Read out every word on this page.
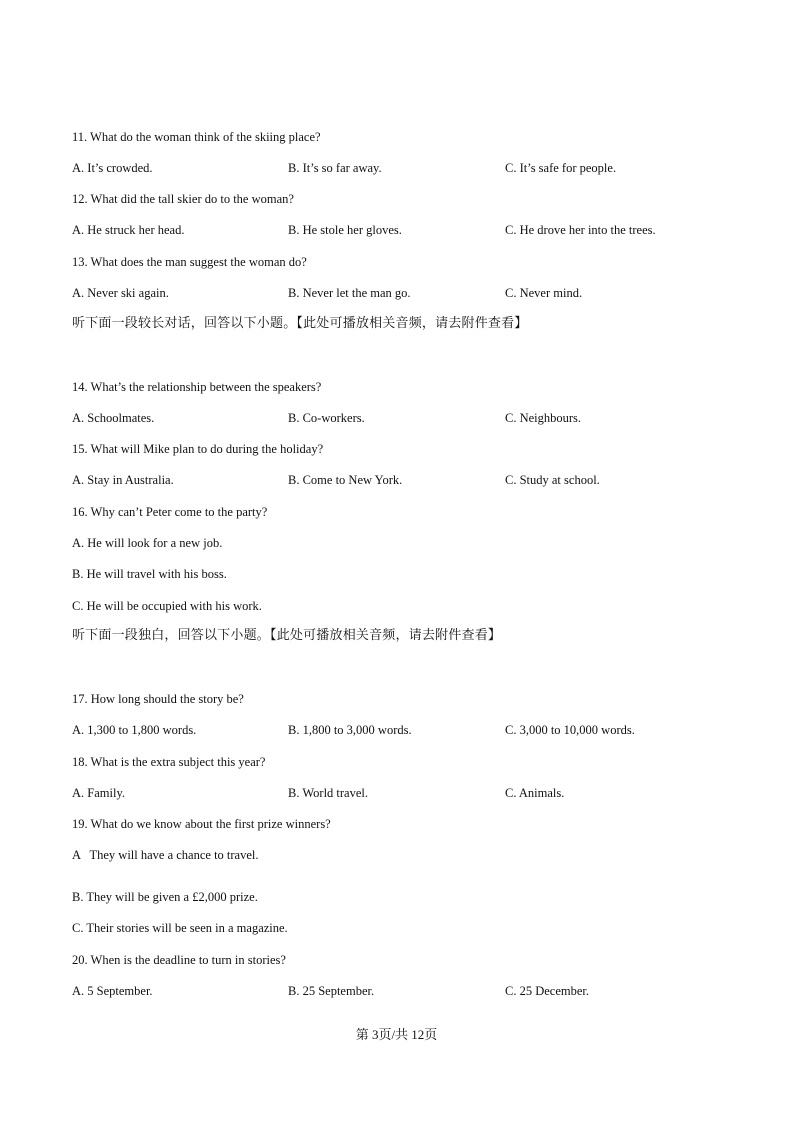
11. What do the woman think of the skiing place?
A. It’s crowded.	B. It’s so far away.	C. It’s safe for people.
12. What did the tall skier do to the woman?
A. He struck her head.	B. He stole her gloves.	C. He drove her into the trees.
13. What does the man suggest the woman do?
A. Never ski again.	B. Never let the man go.	C. Never mind.
听下面一段较长对话，回答以下小题。【此处可播放相关音频，请去附件查看】
14. What’s the relationship between the speakers?
A. Schoolmates.	B. Co-workers.	C. Neighbours.
15. What will Mike plan to do during the holiday?
A. Stay in Australia.	B. Come to New York.	C. Study at school.
16. Why can’t Peter come to the party?
A. He will look for a new job.
B. He will travel with his boss.
C. He will be occupied with his work.
听下面一段独白，回答以下小题。【此处可播放相关音频，请去附件查看】
17. How long should the story be?
A. 1,300 to 1,800 words.	B. 1,800 to 3,000 words.	C. 3,000 to 10,000 words.
18. What is the extra subject this year?
A. Family.	B. World travel.	C. Animals.
19. What do we know about the first prize winners?
A   They will have a chance to travel.
B. They will be given a £2,000 prize.
C. Their stories will be seen in a magazine.
20. When is the deadline to turn in stories?
A. 5 September.	B. 25 September.	C. 25 December.
第 3页/共 12页
